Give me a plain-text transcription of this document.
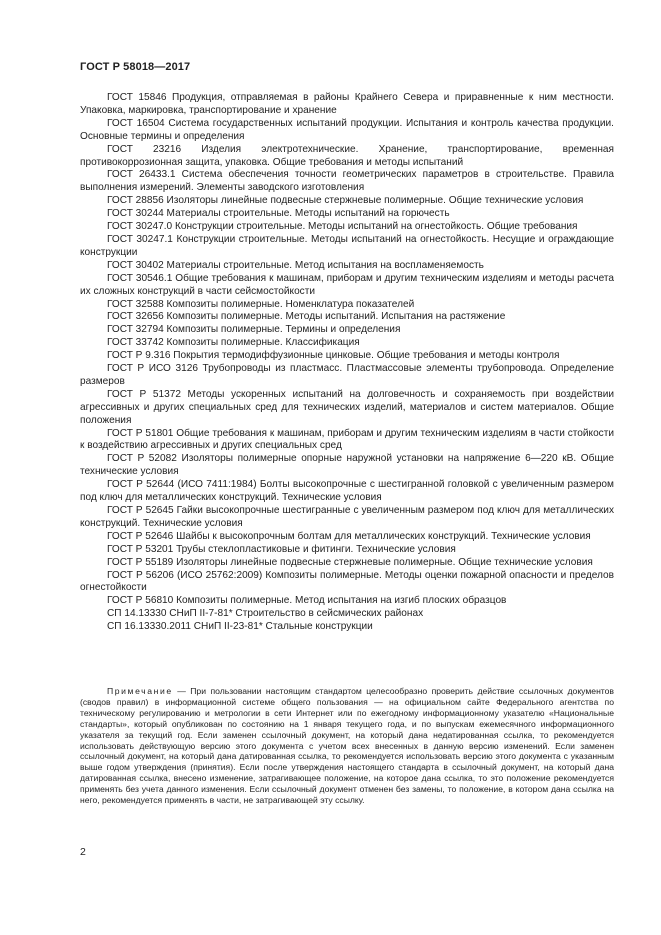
ГОСТ Р 58018—2017

ГОСТ 15846 Продукция, отправляемая в районы Крайнего Севера и приравненные к ним местности. Упаковка, маркировка, транспортирование и хранение

ГОСТ 16504 Система государственных испытаний продукции. Испытания и контроль качества продукции. Основные термины и определения

ГОСТ 23216 Изделия электротехнические. Хранение, транспортирование, временная противокоррозионная защита, упаковка. Общие требования и методы испытаний

ГОСТ 26433.1 Система обеспечения точности геометрических параметров в строительстве. Правила выполнения измерений. Элементы заводского изготовления

ГОСТ 28856 Изоляторы линейные подвесные стержневые полимерные. Общие технические условия

ГОСТ 30244 Материалы строительные. Методы испытаний на горючесть

ГОСТ 30247.0 Конструкции строительные. Методы испытаний на огнестойкость. Общие требования

ГОСТ 30247.1 Конструкции строительные. Методы испытаний на огнестойкость. Несущие и ограждающие конструкции

ГОСТ 30402 Материалы строительные. Метод испытания на воспламеняемость

ГОСТ 30546.1 Общие требования к машинам, приборам и другим техническим изделиям и методы расчета их сложных конструкций в части сейсмостойкости

ГОСТ 32588 Композиты полимерные. Номенклатура показателей

ГОСТ 32656 Композиты полимерные. Методы испытаний. Испытания на растяжение

ГОСТ 32794 Композиты полимерные. Термины и определения

ГОСТ 33742 Композиты полимерные. Классификация

ГОСТ Р 9.316 Покрытия термодиффузионные цинковые. Общие требования и методы контроля

ГОСТ Р ИСО 3126 Трубопроводы из пластмасс. Пластмассовые элементы трубопровода. Определение размеров

ГОСТ Р 51372 Методы ускоренных испытаний на долговечность и сохраняемость при воздействии агрессивных и других специальных сред для технических изделий, материалов и систем материалов. Общие положения

ГОСТ Р 51801 Общие требования к машинам, приборам и другим техническим изделиям в части стойкости к воздействию агрессивных и других специальных сред

ГОСТ Р 52082 Изоляторы полимерные опорные наружной установки на напряжение 6—220 кВ. Общие технические условия

ГОСТ Р 52644 (ИСО 7411:1984) Болты высокопрочные с шестигранной головкой с увеличенным размером под ключ для металлических конструкций. Технические условия

ГОСТ Р 52645 Гайки высокопрочные шестигранные с увеличенным размером под ключ для металлических конструкций. Технические условия

ГОСТ Р 52646 Шайбы к высокопрочным болтам для металлических конструкций. Технические условия

ГОСТ Р 53201 Трубы стеклопластиковые и фитинги. Технические условия

ГОСТ Р 55189 Изоляторы линейные подвесные стержневые полимерные. Общие технические условия

ГОСТ Р 56206 (ИСО 25762:2009) Композиты полимерные. Методы оценки пожарной опасности и пределов огнестойкости

ГОСТ Р 56810 Композиты полимерные. Метод испытания на изгиб плоских образцов

СП 14.13330 СНиП II-7-81* Строительство в сейсмических районах

СП 16.13330.2011 СНиП II-23-81* Стальные конструкции

Примечание — При пользовании настоящим стандартом целесообразно проверить действие ссылочных документов (сводов правил) в информационной системе общего пользования — на официальном сайте Федерального агентства по техническому регулированию и метрологии в сети Интернет или по ежегодному информационному указателю «Национальные стандарты», который опубликован по состоянию на 1 января текущего года, и по выпускам ежемесячного информационного указателя за текущий год. Если заменен ссылочный документ, на который дана недатированная ссылка, то рекомендуется использовать действующую версию этого документа с учетом всех внесенных в данную версию изменений. Если заменен ссылочный документ, на который дана датированная ссылка, то рекомендуется использовать версию этого документа с указанным выше годом утверждения (принятия). Если после утверждения настоящего стандарта в ссылочный документ, на который дана датированная ссылка, внесено изменение, затрагивающее положение, на которое дана ссылка, то это положение рекомендуется применять без учета данного изменения. Если ссылочный документ отменен без замены, то положение, в котором дана ссылка на него, рекомендуется применять в части, не затрагивающей эту ссылку.

2
